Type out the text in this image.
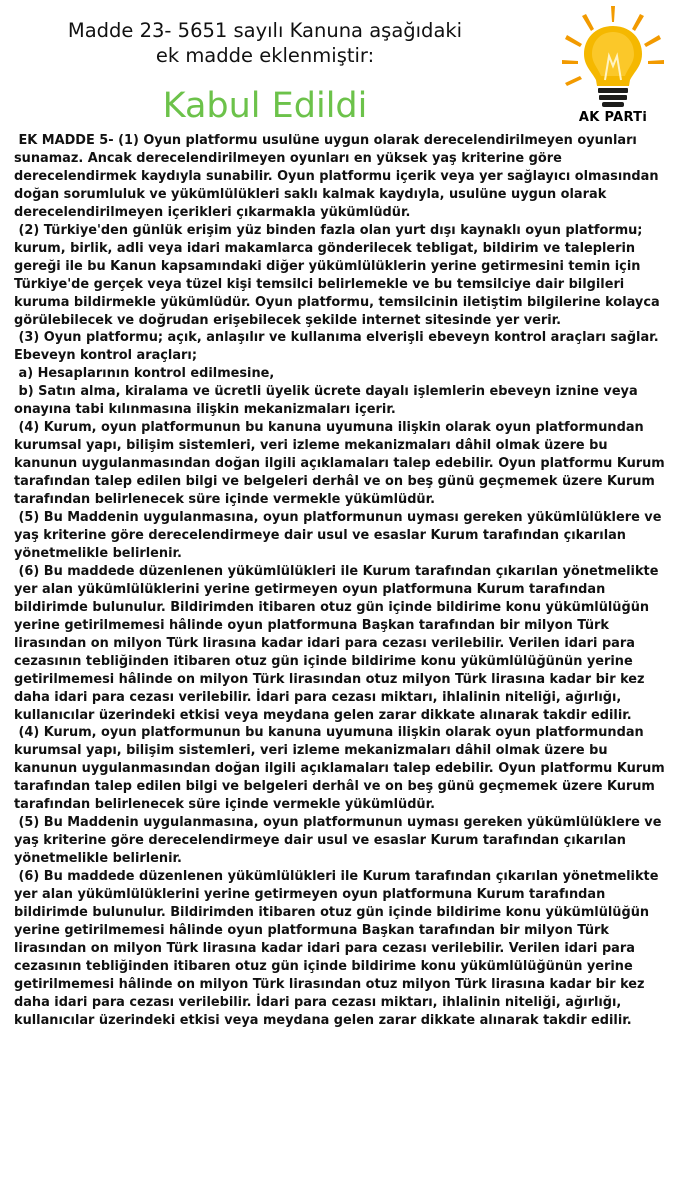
Madde 23- 5651 sayılı Kanuna aşağıdaki
ek madde eklenmiştir:
Kabul Edildi	AK PARTi

EK MADDE 5- (1) Oyun platformu usulüne uygun olarak derecelendirilmeyen oyunları sunamaz. Ancak derecelendirilmeyen oyunları en yüksek yaş kriterine göre derecelendirmek kaydıyla sunabilir. Oyun platformu içerik veya yer sağlayıcı olmasından doğan sorumluluk ve yükümlülükleri saklı kalmak kaydıyla, usulüne uygun olarak derecelendirilmeyen içerikleri çıkarmakla yükümlüdür.

(2) Türkiye'den günlük erişim yüz binden fazla olan yurt dışı kaynaklı oyun platformu; kurum, birlik, adli veya idari makamlarca gönderilecek tebligat, bildirim ve taleplerin gereği ile bu Kanun kapsamındaki diğer yükümlülüklerin yerine getirmesini temin için Türkiye'de gerçek veya tüzel kişi temsilci belirlemekle ve bu temsilciye dair bilgileri kuruma bildirmekle yükümlüdür. Oyun platformu, temsilcinin iletiştim bilgilerine kolayca görülebilecek ve doğrudan erişebilecek şekilde internet sitesinde yer verir.

(3) Oyun platformu; açık, anlaşılır ve kullanıma elverişli ebeveyn kontrol araçları sağlar. Ebeveyn kontrol araçları;

a) Hesaplarının kontrol edilmesine,

b) Satın alma, kiralama ve ücretli üyelik ücrete dayalı işlemlerin ebeveyn iznine veya onayına tabi kılınmasına ilişkin mekanizmaları içerir.

(4) Kurum, oyun platformunun bu kanuna uyumuna ilişkin olarak oyun platformundan kurumsal yapı, bilişim sistemleri, veri izleme mekanizmaları dâhil olmak üzere bu kanunun uygulanmasından doğan ilgili açıklamaları talep edebilir. Oyun platformu Kurum tarafından talep edilen bilgi ve belgeleri derhâl ve on beş günü geçmemek üzere Kurum tarafından belirlenecek süre içinde vermekle yükümlüdür.

(5) Bu Maddenin uygulanmasına, oyun platformunun uyması gereken yükümlülüklere ve yaş kriterine göre derecelendirmeye dair usul ve esaslar Kurum tarafından çıkarılan yönetmelikle belirlenir.

(6) Bu maddede düzenlenen yükümlülükleri ile Kurum tarafından çıkarılan yönetmelikte yer alan yükümlülüklerini yerine getirmeyen oyun platformuna Kurum tarafından bildirimde bulunulur. Bildirimden itibaren otuz gün içinde bildirime konu yükümlülüğün yerine getirilmemesi hâlinde oyun platformuna Başkan tarafından bir milyon Türk lirasından on milyon Türk lirasına kadar idari para cezası verilebilir. Verilen idari para cezasının tebliğinden itibaren otuz gün içinde bildirime konu yükümlülüğünün yerine getirilmemesi hâlinde on milyon Türk lirasından otuz milyon Türk lirasına kadar bir kez daha idari para cezası verilebilir. İdari para cezası miktarı, ihlalinin niteliği, ağırlığı, kullanıcılar üzerindeki etkisi veya meydana gelen zarar dikkate alınarak takdir edilir.

(4) Kurum, oyun platformunun bu kanuna uyumuna ilişkin olarak oyun platformundan kurumsal yapı, bilişim sistemleri, veri izleme mekanizmaları dâhil olmak üzere bu kanunun uygulanmasından doğan ilgili açıklamaları talep edebilir. Oyun platformu Kurum tarafından talep edilen bilgi ve belgeleri derhâl ve on beş günü geçmemek üzere Kurum tarafından belirlenecek süre içinde vermekle yükümlüdür.

(5) Bu Maddenin uygulanmasına, oyun platformunun uyması gereken yükümlülüklere ve yaş kriterine göre derecelendirmeye dair usul ve esaslar Kurum tarafından çıkarılan yönetmelikle belirlenir.

(6) Bu maddede düzenlenen yükümlülükleri ile Kurum tarafından çıkarılan yönetmelikte yer alan yükümlülüklerini yerine getirmeyen oyun platformuna Kurum tarafından bildirimde bulunulur. Bildirimden itibaren otuz gün içinde bildirime konu yükümlülüğün yerine getirilmemesi hâlinde oyun platformuna Başkan tarafından bir milyon Türk lirasından on milyon Türk lirasına kadar idari para cezası verilebilir. Verilen idari para cezasının tebliğinden itibaren otuz gün içinde bildirime konu yükümlülüğünün yerine getirilmemesi hâlinde on milyon Türk lirasından otuz milyon Türk lirasına kadar bir kez daha idari para cezası verilebilir. İdari para cezası miktarı, ihlalinin niteliği, ağırlığı, kullanıcılar üzerindeki etkisi veya meydana gelen zarar dikkate alınarak takdir edilir.
